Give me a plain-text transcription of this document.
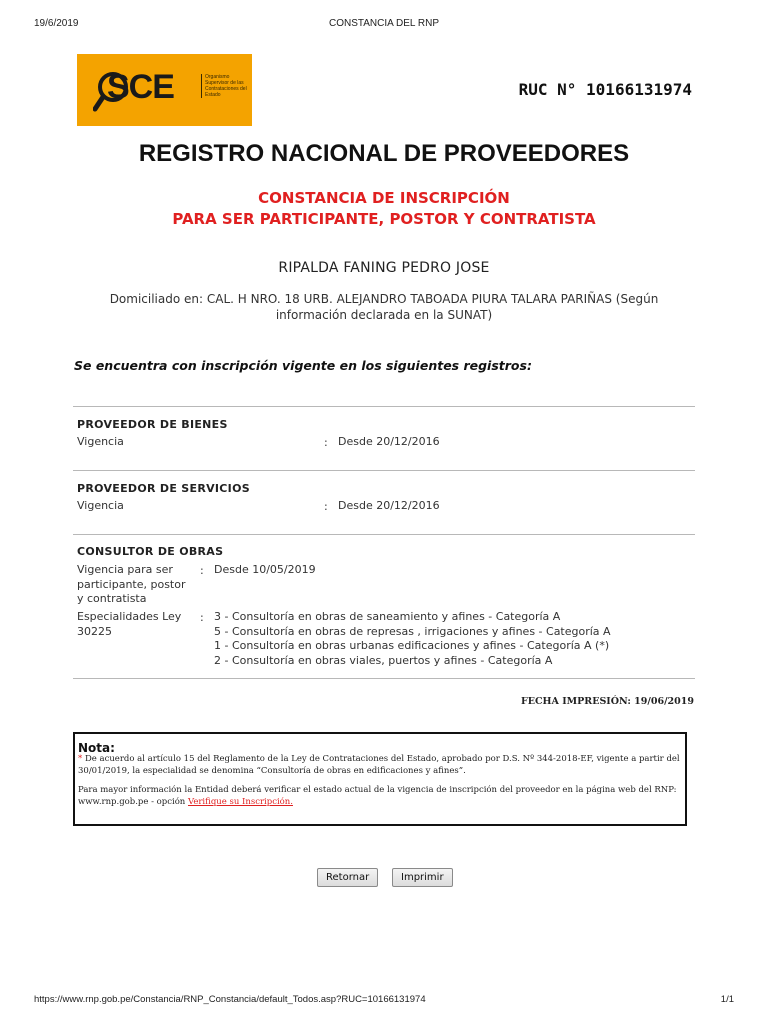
19/6/2019	CONSTANCIA DEL RNP
SCE	Organismo Supervisor de las Contrataciones del Estado	RUC N° 10166131974
REGISTRO NACIONAL DE PROVEEDORES
CONSTANCIA DE INSCRIPCIÓN
PARA SER PARTICIPANTE, POSTOR Y CONTRATISTA
RIPALDA FANING PEDRO JOSE
Domiciliado en: CAL. H NRO. 18 URB. ALEJANDRO TABOADA PIURA TALARA PARIÑAS (Según información declarada en la SUNAT)
Se encuentra con inscripción vigente en los siguientes registros:
PROVEEDOR DE BIENES
Vigencia	: Desde 20/12/2016
PROVEEDOR DE SERVICIOS
Vigencia	: Desde 20/12/2016
CONSULTOR DE OBRAS
Vigencia para ser
participante, postor
y contratista
: Desde 10/05/2019
Especialidades Ley
30225
: 3 - Consultoría en obras de saneamiento y afines - Categoría A
5 - Consultoría en obras de represas , irrigaciones y afines - Categoría A
1 - Consultoría en obras urbanas edificaciones y afines - Categoría A (*)
2 - Consultoría en obras viales, puertos y afines - Categoría A
FECHA IMPRESIÓN: 19/06/2019
Nota:

* De acuerdo al artículo 15 del Reglamento de la Ley de Contrataciones del Estado, aprobado por D.S. Nº 344-2018-EF, vigente a partir del 30/01/2019, la especialidad se denomina “Consultoría de obras en edificaciones y afines”.

Para mayor información la Entidad deberá verificar el estado actual de la vigencia de inscripción del proveedor en la página web del RNP: www.rnp.gob.pe - opción Verifique su Inscripción.

Retornar	Imprimir
https://www.rnp.gob.pe/Constancia/RNP_Constancia/default_Todos.asp?RUC=10166131974	1/1
